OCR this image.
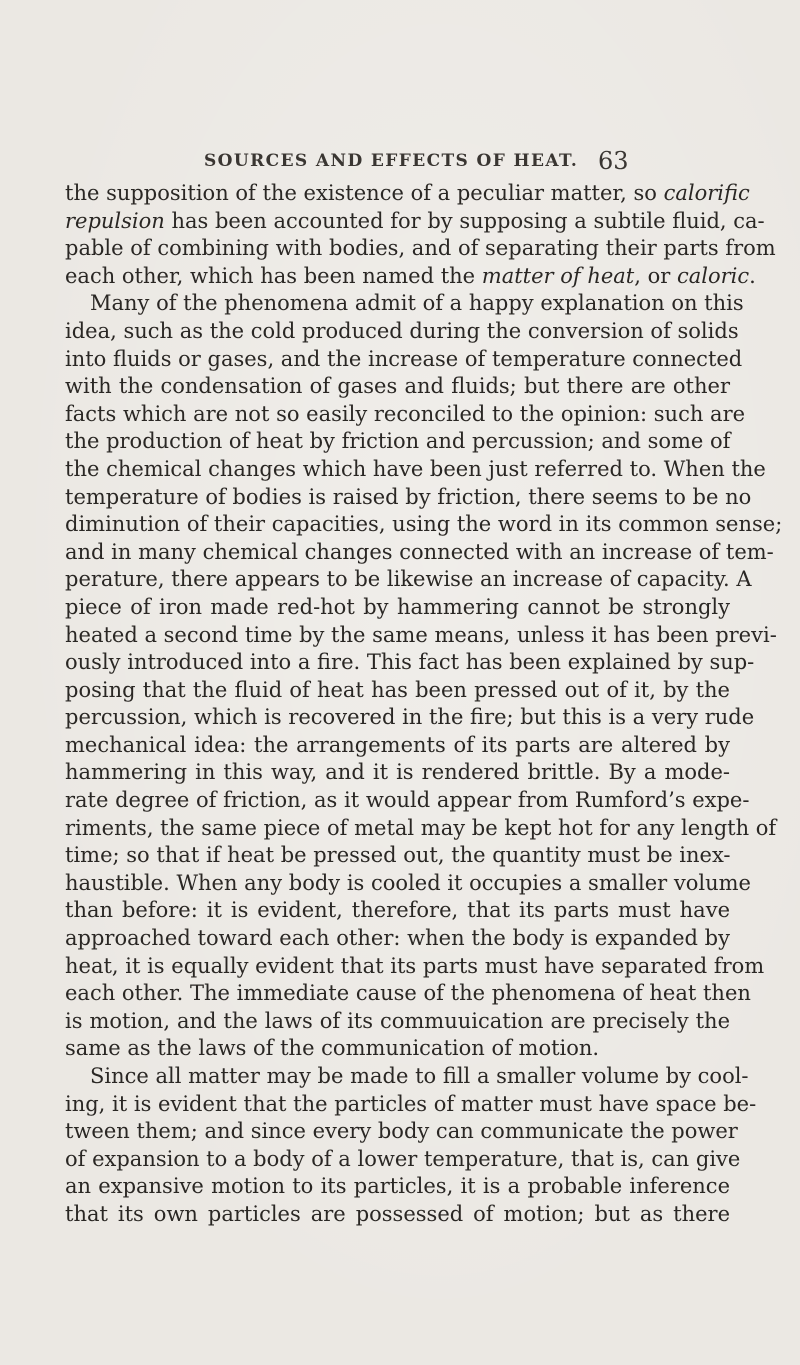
SOURCES AND EFFECTS OF HEAT. 63
the supposition of the existence of a peculiar matter, so calorific
repulsion has been accounted for by supposing a subtile fluid, ca-
pable of combining with bodies, and of separating their parts from
each other, which has been named the matter of heat, or caloric.
Many of the phenomena admit of a happy explanation on this
idea, such as the cold produced during the conversion of solids
into fluids or gases, and the increase of temperature connected
with the condensation of gases and fluids; but there are other
facts which are not so easily reconciled to the opinion: such are
the production of heat by friction and percussion; and some of
the chemical changes which have been just referred to. When the
temperature of bodies is raised by friction, there seems to be no
diminution of their capacities, using the word in its common sense;
and in many chemical changes connected with an increase of tem-
perature, there appears to be likewise an increase of capacity. A
piece of iron made red-hot by hammering cannot be strongly
heated a second time by the same means, unless it has been previ-
ously introduced into a fire. This fact has been explained by sup-
posing that the fluid of heat has been pressed out of it, by the
percussion, which is recovered in the fire; but this is a very rude
mechanical idea: the arrangements of its parts are altered by
hammering in this way, and it is rendered brittle. By a mode-
rate degree of friction, as it would appear from Rumford’s expe-
riments, the same piece of metal may be kept hot for any length of
time; so that if heat be pressed out, the quantity must be inex-
haustible. When any body is cooled it occupies a smaller volume
than before: it is evident, therefore, that its parts must have
approached toward each other: when the body is expanded by
heat, it is equally evident that its parts must have separated from
each other. The immediate cause of the phenomena of heat then
is motion, and the laws of its commuuication are precisely the
same as the laws of the communication of motion.
Since all matter may be made to fill a smaller volume by cool-
ing, it is evident that the particles of matter must have space be-
tween them; and since every body can communicate the power
of expansion to a body of a lower temperature, that is, can give
an expansive motion to its particles, it is a probable inference
that its own particles are possessed of motion; but as there
